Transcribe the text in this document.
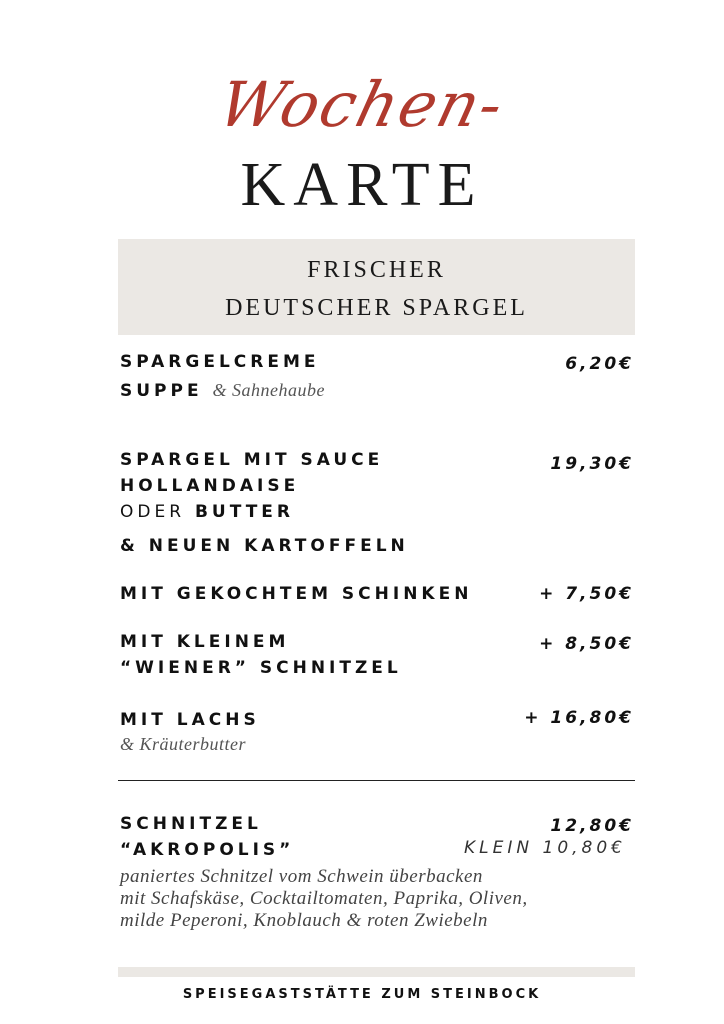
Wochen-
KARTE
FRISCHER
DEUTSCHER SPARGEL
SPARGELCREME
SUPPE & Sahnehaube
6,20€
SPARGEL MIT SAUCE
HOLLANDAISE
ODER BUTTER
& NEUEN KARTOFFELN
19,30€
MIT GEKOCHTEM SCHINKEN	+ 7,50€
MIT KLEINEM
“WIENER” SCHNITZEL
+ 8,50€
MIT LACHS
& Kräuterbutter
+ 16,80€
SCHNITZEL
“AKROPOLIS”
12,80€
KLEIN 10,80€
paniertes Schnitzel vom Schwein überbacken
mit Schafskäse, Cocktailtomaten, Paprika, Oliven,
milde Peperoni, Knoblauch & roten Zwiebeln
SPEISEGASTSTÄTTE ZUM STEINBOCK
